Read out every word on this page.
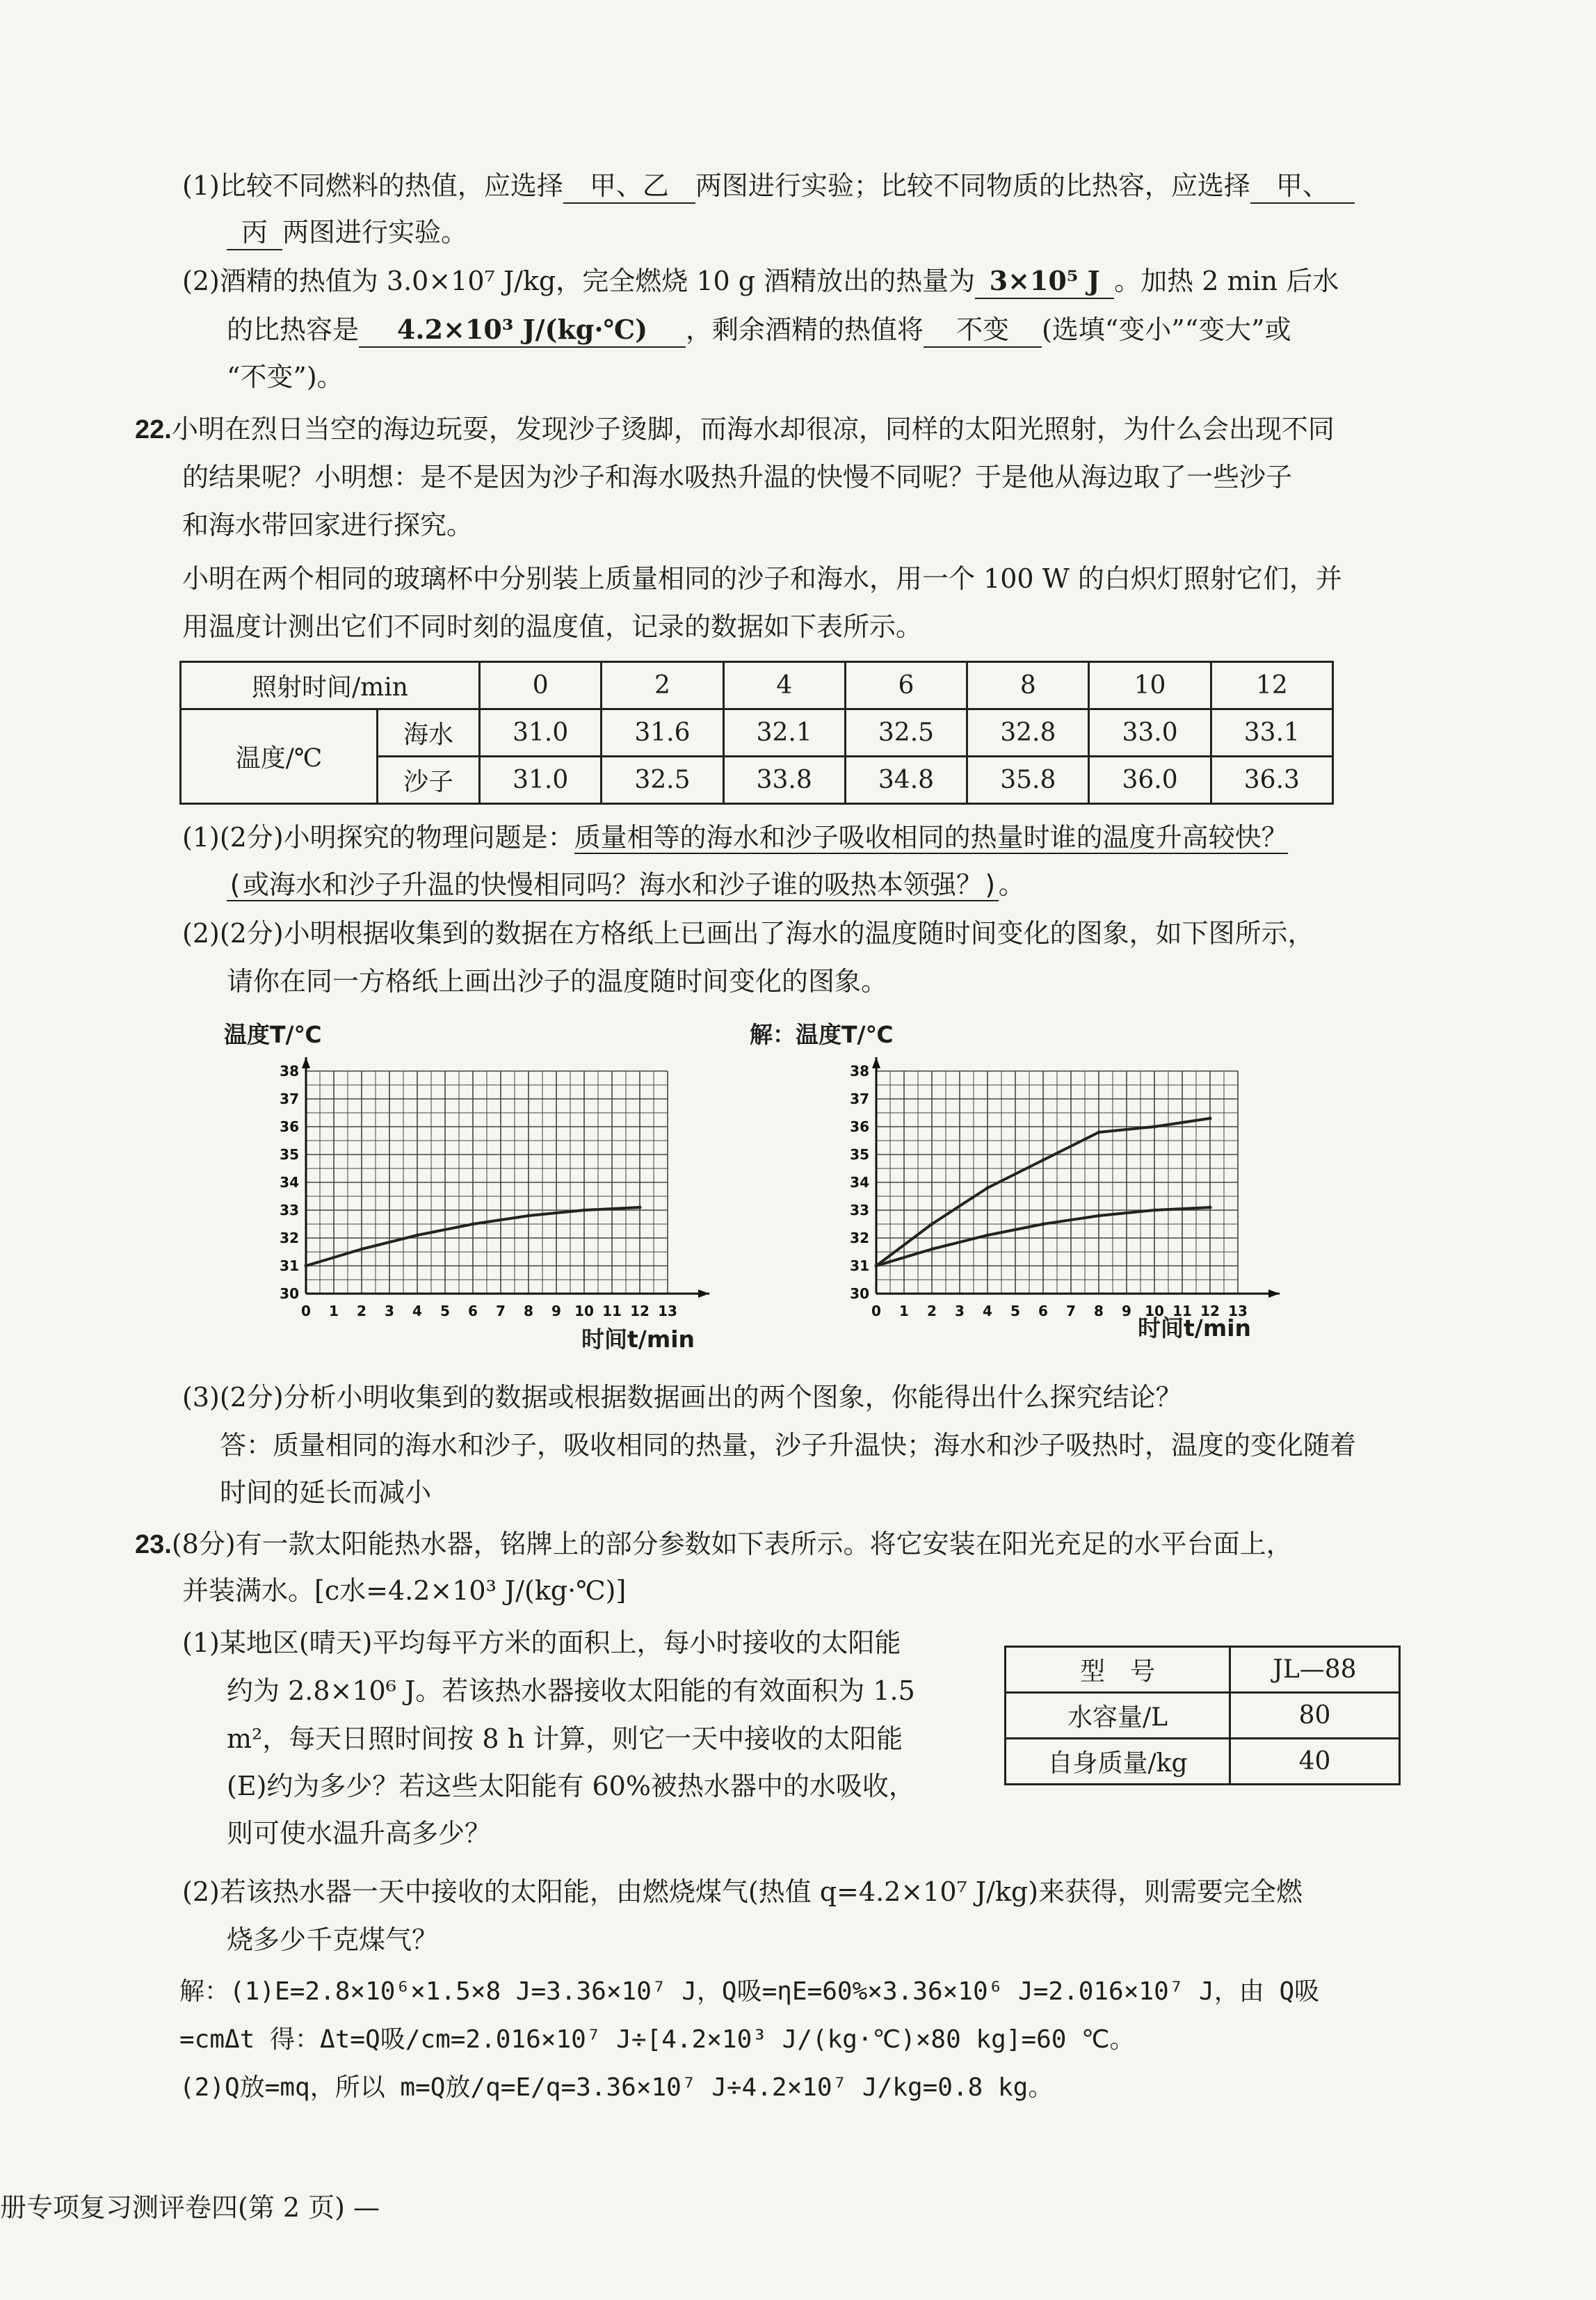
(1)比较不同燃料的热值，应选择 甲、乙 两图进行实验；比较不同物质的比热容，应选择 甲、
丙 两图进行实验。
(2)酒精的热值为 3.0×10⁷ J/kg，完全燃烧 10 g 酒精放出的热量为 3×10⁵ J 。加热 2 min 后水
的比热容是 4.2×10³ J/(kg·℃) ，剩余酒精的热值将 不变 (选填“变小”“变大”或
“不变”)。
22.小明在烈日当空的海边玩耍，发现沙子烫脚，而海水却很凉，同样的太阳光照射，为什么会出现不同
的结果呢？小明想：是不是因为沙子和海水吸热升温的快慢不同呢？于是他从海边取了一些沙子
和海水带回家进行探究。
小明在两个相同的玻璃杯中分别装上质量相同的沙子和海水，用一个 100 W 的白炽灯照射它们，并
用温度计测出它们不同时刻的温度值，记录的数据如下表所示。
照射时间/min		0	2	4	6	8	10	12
温度/℃	海水	31.0	31.6	32.1	32.5	32.8	33.0	33.1
	沙子	31.0	32.5	33.8	34.8	35.8	36.0	36.3
(1)(2分)小明探究的物理问题是：质量相等的海水和沙子吸收相同的热量时谁的温度升高较快？
(或海水和沙子升温的快慢相同吗？海水和沙子谁的吸热本领强？)。
(2)(2分)小明根据收集到的数据在方格纸上已画出了海水的温度随时间变化的图象，如下图所示，
请你在同一方格纸上画出沙子的温度随时间变化的图象。
温度T/℃	解：温度T/℃
0 1 2 3 4 5 6 7 8 9 10 11 12 13
30
31
32
33
34
35
36
37
38
0 1 2 3 4 5 6 7 8 9 10 11 12 13
30
31
32
33
34
35
36
37
38
时间t/min	时间t/min
(3)(2分)分析小明收集到的数据或根据数据画出的两个图象，你能得出什么探究结论？
答：质量相同的海水和沙子，吸收相同的热量，沙子升温快；海水和沙子吸热时，温度的变化随着
时间的延长而减小
23.(8分)有一款太阳能热水器，铭牌上的部分参数如下表所示。将它安装在阳光充足的水平台面上，
并装满水。[c水=4.2×10³ J/(kg·℃)]
(1)某地区(晴天)平均每平方米的面积上，每小时接收的太阳能
约为 2.8×10⁶ J。若该热水器接收太阳能的有效面积为 1.5
m²，每天日照时间按 8 h 计算，则它一天中接收的太阳能
(E)约为多少？若这些太阳能有 60%被热水器中的水吸收，
则可使水温升高多少？
型　号	JL—88
水容量/L	80
自身质量/kg	40
(2)若该热水器一天中接收的太阳能，由燃烧煤气(热值 q=4.2×10⁷ J/kg)来获得，则需要完全燃
烧多少千克煤气？
解：(1)E=2.8×10⁶×1.5×8 J=3.36×10⁷ J，Q吸=ηE=60%×3.36×10⁶ J=2.016×10⁷ J，由 Q吸
=cmΔt 得：Δt=Q吸/cm=2.016×10⁷ J÷[4.2×10³ J/(kg·℃)×80 kg]=60 ℃。
(2)Q放=mq，所以 m=Q放/q=E/q=3.36×10⁷ J÷4.2×10⁷ J/kg=0.8 kg。
册专项复习测评卷四(第 2 页) —
